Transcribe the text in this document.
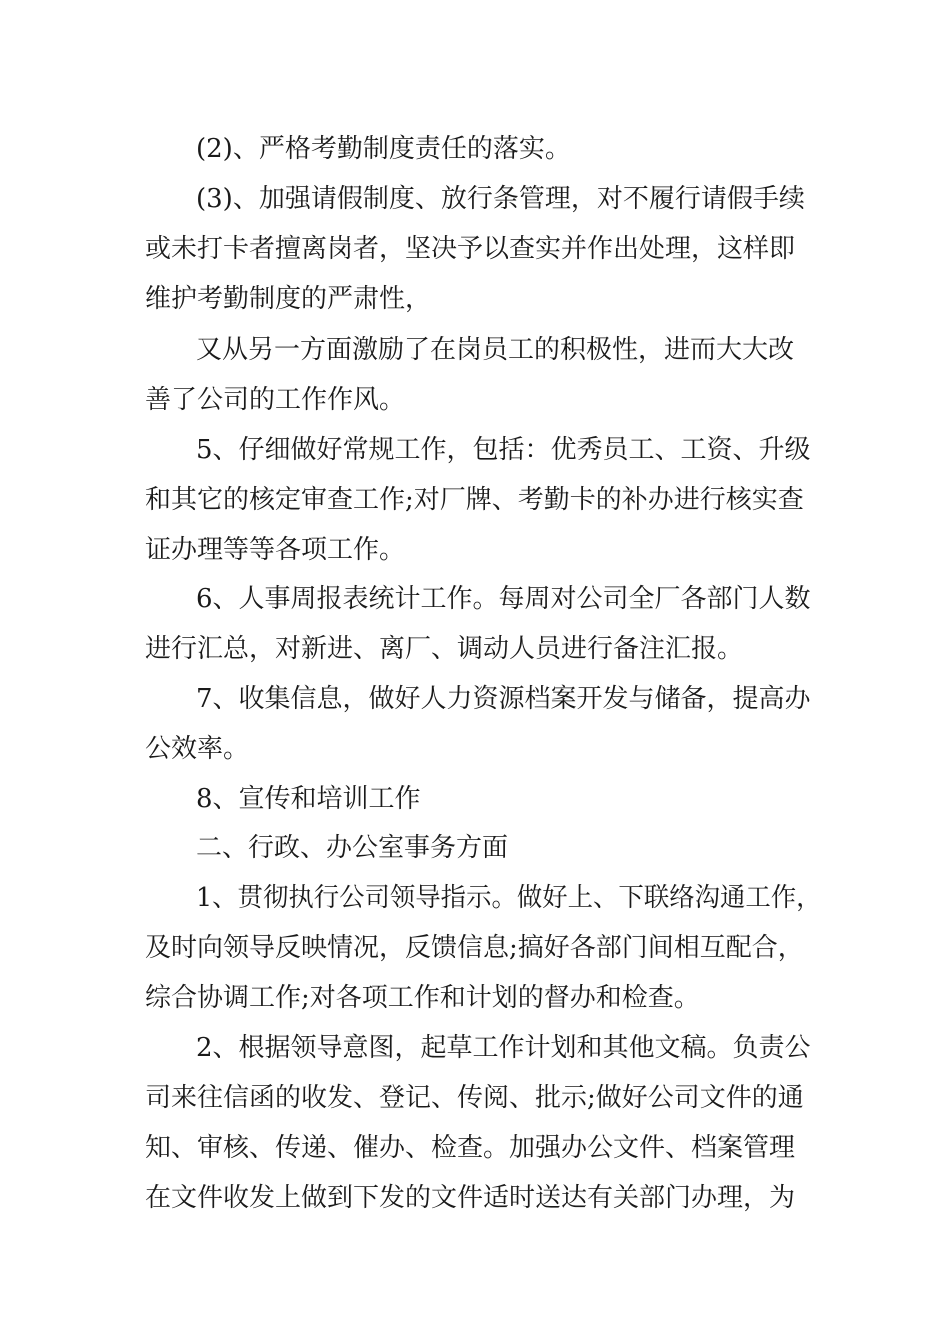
(2)、严格考勤制度责任的落实。
(3)、加强请假制度、放行条管理，对不履行请假手续
或未打卡者擅离岗者，坚决予以查实并作出处理，这样即
维护考勤制度的严肃性，
又从另一方面激励了在岗员工的积极性，进而大大改
善了公司的工作作风。
5、仔细做好常规工作，包括：优秀员工、工资、升级
和其它的核定审查工作;对厂牌、考勤卡的补办进行核实查
证办理等等各项工作。
6、人事周报表统计工作。每周对公司全厂各部门人数
进行汇总，对新进、离厂、调动人员进行备注汇报。
7、收集信息，做好人力资源档案开发与储备，提高办
公效率。
8、宣传和培训工作
二、行政、办公室事务方面
1、贯彻执行公司领导指示。做好上、下联络沟通工作，
及时向领导反映情况，反馈信息;搞好各部门间相互配合，
综合协调工作;对各项工作和计划的督办和检查。
2、根据领导意图，起草工作计划和其他文稿。负责公
司来往信函的收发、登记、传阅、批示;做好公司文件的通
知、审核、传递、催办、检查。加强办公文件、档案管理
在文件收发上做到下发的文件适时送达有关部门办理，为
